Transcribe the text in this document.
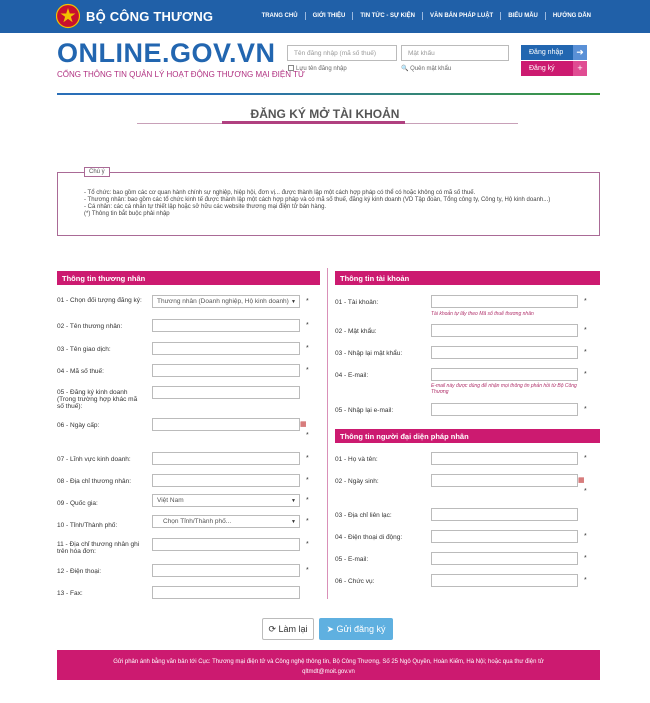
BỘ CÔNG THƯƠNG	TRANG CHỦ	GIỚI THIỆU	TIN TỨC - SỰ KIỆN	VĂN BẢN PHÁP LUẬT	BIỂU MẪU	HƯỚNG DẪN
ONLINE.GOV.VN
CỔNG THÔNG TIN QUẢN LÝ HOẠT ĐỘNG THƯƠNG MẠI ĐIỆN TỬ
Tên đăng nhập (mã số thuế)
Mật khẩu
Lưu tên đăng nhập	🔍 Quên mật khẩu
Đăng nhập	➜
Đăng ký	+
ĐĂNG KÝ MỞ TÀI KHOẢN
Chú ý
- Tổ chức: bao gồm các cơ quan hành chính sự nghiệp, hiệp hội, đơn vị... được thành lập một cách hợp pháp có thể có hoặc không có mã số thuế.
- Thương nhân: bao gồm các tổ chức kinh tế được thành lập một cách hợp pháp và có mã số thuế, đăng ký kinh doanh (VD Tập đoàn, Tổng công ty, Công ty, Hộ kinh doanh...)
- Cá nhân: các cá nhân tự thiết lập hoặc sở hữu các website thương mại điện tử bán hàng.
(*) Thông tin bắt buộc phải nhập
Thông tin thương nhân
01 - Chọn đối tượng đăng ký:	Thương nhân (Doanh nghiệp, Hộ kinh doanh) ▼ *
02 - Tên thương nhân:	*
03 - Tên giao dịch:	*
04 - Mã số thuế:	*
05 - Đăng ký kinh doanh (Trong trường hợp khác mã số thuế):
06 - Ngày cấp:	▦
*
07 - Lĩnh vực kinh doanh:	*
08 - Địa chỉ thương nhân:	*
09 - Quốc gia:	Việt Nam	▼ *
10 - Tỉnh/Thành phố:
Chọn Tỉnh/Thành phố...	▼ *
11 - Địa chỉ thương nhân ghi trên hóa đơn:
*
12 - Điện thoại:	*
13 - Fax:
Thông tin tài khoản
01 - Tài khoản:	*
Tài khoản tự lấy theo Mã số thuế thương nhân
02 - Mật khẩu:	*
03 - Nhập lại mật khẩu:	*
04 - E-mail:	*
E-mail này được dùng để nhận mọi thông tin phản hồi từ Bộ Công Thương
05 - Nhập lại e-mail:	*
Thông tin người đại diện pháp nhân
01 - Họ và tên:	*
02 - Ngày sinh:	▦
*
03 - Địa chỉ liên lạc:
04 - Điện thoại di động:	*
05 - E-mail:	*
06 - Chức vụ:	*
⟳ Làm lại	➤ Gửi đăng ký
Gửi phản ánh bằng văn bản tới Cục: Thương mại điện tử và Công nghệ thông tin, Bộ Công Thương, Số 25 Ngô Quyền, Hoàn Kiếm, Hà Nội; hoặc qua thư điện tử
qltmdt@moit.gov.vn
